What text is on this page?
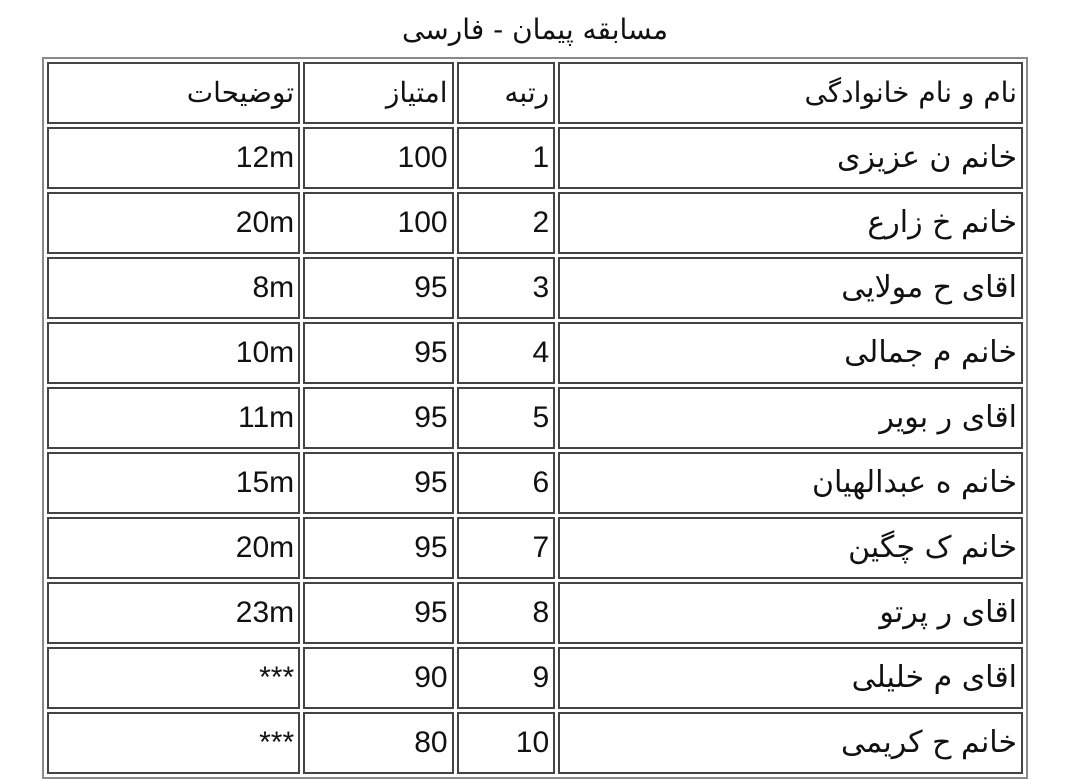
مسابقه پیمان - فارسی
توضیحات	امتیاز	رتبه	نام و نام خانوادگی
12m	100	1	خانم ن عزیزی
20m	100	2	خانم خ زارع
8m	95	3	اقای ح مولایی
10m	95	4	خانم م جمالی
11m	95	5	اقای ر بویر
15m	95	6	خانم ه عبدالهیان
20m	95	7	خانم ک چگین
23m	95	8	اقای ر پرتو
***	90	9	اقای م خلیلی
***	80	10	خانم ح کریمی
